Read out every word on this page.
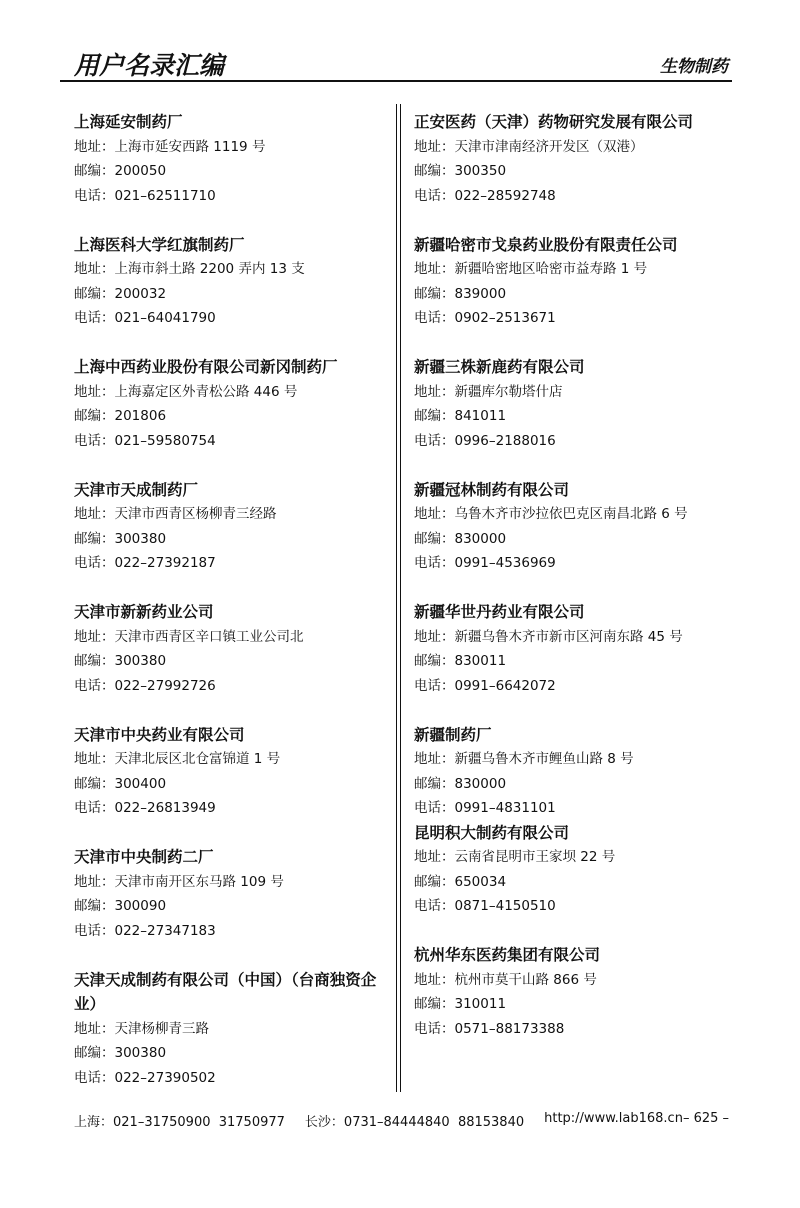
用户名录汇编	生物制药
上海延安制药厂
地址：上海市延安西路 1119 号
邮编：200050
电话：021–62511710
上海医科大学红旗制药厂
地址：上海市斜土路 2200 弄内 13 支
邮编：200032
电话：021–64041790
上海中西药业股份有限公司新冈制药厂
地址：上海嘉定区外青松公路 446 号
邮编：201806
电话：021–59580754
天津市天成制药厂
地址：天津市西青区杨柳青三经路
邮编：300380
电话：022–27392187
天津市新新药业公司
地址：天津市西青区辛口镇工业公司北
邮编：300380
电话：022–27992726
天津市中央药业有限公司
地址：天津北辰区北仓富锦道 1 号
邮编：300400
电话：022–26813949
天津市中央制药二厂
地址：天津市南开区东马路 109 号
邮编：300090
电话：022–27347183
天津天成制药有限公司（中国）（台商独资企业）
地址：天津杨柳青三路
邮编：300380
电话：022–27390502
正安医药（天津）药物研究发展有限公司
地址：天津市津南经济开发区（双港）
邮编：300350
电话：022–28592748
新疆哈密市戈泉药业股份有限责任公司
地址：新疆哈密地区哈密市益寿路 1 号
邮编：839000
电话：0902–2513671
新疆三株新鹿药有限公司
地址：新疆库尔勒塔什店
邮编：841011
电话：0996–2188016
新疆冠林制药有限公司
地址：乌鲁木齐市沙拉依巴克区南昌北路 6 号
邮编：830000
电话：0991–4536969
新疆华世丹药业有限公司
地址：新疆乌鲁木齐市新市区河南东路 45 号
邮编：830011
电话：0991–6642072
新疆制药厂
地址：新疆乌鲁木齐市鲤鱼山路 8 号
邮编：830000
电话：0991–4831101
昆明积大制药有限公司
地址：云南省昆明市王家坝 22 号
邮编：650034
电话：0871–4150510
杭州华东医药集团有限公司
地址：杭州市莫干山路 866 号
邮编：310011
电话：0571–88173388
上海：021–31750900  31750977 长沙：0731–84444840  88153840 http://www.lab168.cn – 625 –
